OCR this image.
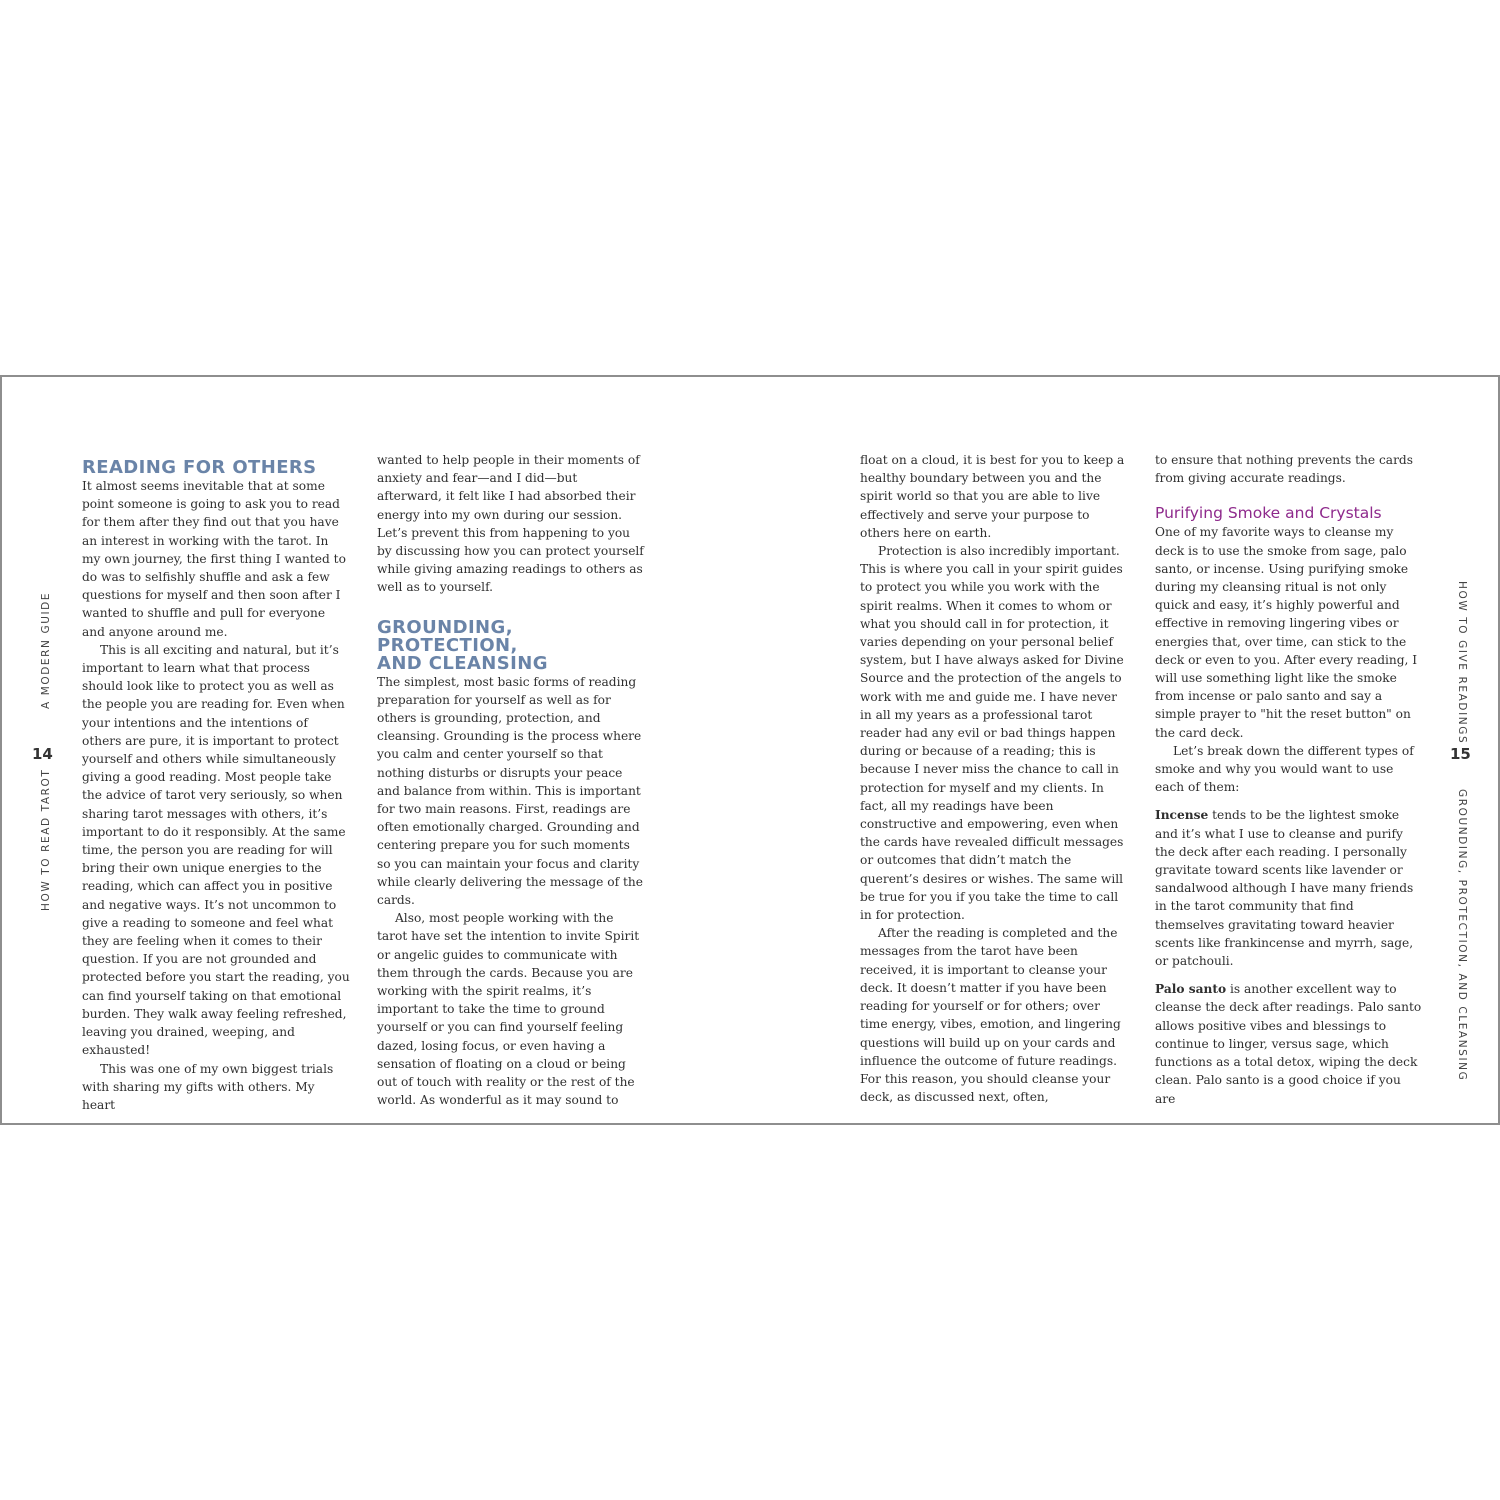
A MODERN GUIDE
14
HOW TO READ TAROT
READING FOR OTHERS

It almost seems inevitable that at some point someone is going to ask you to read for them after they find out that you have an interest in working with the tarot. In my own journey, the first thing I wanted to do was to selfishly shuffle and ask a few questions for myself and then soon after I wanted to shuffle and pull for everyone and anyone around me.

This is all exciting and natural, but it’s important to learn what that process should look like to protect you as well as the people you are reading for. Even when your intentions and the intentions of others are pure, it is important to protect yourself and others while simultaneously giving a good reading. Most people take the advice of tarot very seriously, so when sharing tarot messages with others, it’s important to do it responsibly. At the same time, the person you are reading for will bring their own unique energies to the reading, which can affect you in positive and negative ways. It’s not uncommon to give a reading to someone and feel what they are feeling when it comes to their question. If you are not grounded and protected before you start the reading, you can find yourself taking on that emotional burden. They walk away feeling refreshed, leaving you drained, weeping, and exhausted!

This was one of my own biggest trials with sharing my gifts with others. My heart

wanted to help people in their moments of anxiety and fear—and I did—but afterward, it felt like I had absorbed their energy into my own during our session. Let’s prevent this from happening to you by discussing how you can protect yourself while giving amazing readings to others as well as to yourself.

GROUNDING, PROTECTION,
AND CLEANSING

The simplest, most basic forms of reading preparation for yourself as well as for others is grounding, protection, and cleansing. Grounding is the process where you calm and center yourself so that nothing disturbs or disrupts your peace and balance from within. This is important for two main reasons. First, readings are often emotionally charged. Grounding and centering prepare you for such moments so you can maintain your focus and clarity while clearly delivering the message of the cards.

Also, most people working with the tarot have set the intention to invite Spirit or angelic guides to communicate with them through the cards. Because you are working with the spirit realms, it’s important to take the time to ground yourself or you can find yourself feeling dazed, losing focus, or even having a sensation of floating on a cloud or being out of touch with reality or the rest of the world. As wonderful as it may sound to

float on a cloud, it is best for you to keep a healthy boundary between you and the spirit world so that you are able to live effectively and serve your purpose to others here on earth.

Protection is also incredibly important. This is where you call in your spirit guides to protect you while you work with the spirit realms. When it comes to whom or what you should call in for protection, it varies depending on your personal belief system, but I have always asked for Divine Source and the protection of the angels to work with me and guide me. I have never in all my years as a professional tarot reader had any evil or bad things happen during or because of a reading; this is because I never miss the chance to call in protection for myself and my clients. In fact, all my readings have been constructive and empowering, even when the cards have revealed difficult messages or outcomes that didn’t match the querent’s desires or wishes. The same will be true for you if you take the time to call in for protection.

After the reading is completed and the messages from the tarot have been received, it is important to cleanse your deck. It doesn’t matter if you have been reading for yourself or for others; over time energy, vibes, emotion, and lingering questions will build up on your cards and influence the outcome of future readings. For this reason, you should cleanse your deck, as discussed next, often,

to ensure that nothing prevents the cards from giving accurate readings.

Purifying Smoke and Crystals

One of my favorite ways to cleanse my deck is to use the smoke from sage, palo santo, or incense. Using purifying smoke during my cleansing ritual is not only quick and easy, it’s highly powerful and effective in removing lingering vibes or energies that, over time, can stick to the deck or even to you. After every reading, I will use something light like the smoke from incense or palo santo and say a simple prayer to "hit the reset button" on the card deck.

Let’s break down the different types of smoke and why you would want to use each of them:

Incense tends to be the lightest smoke and it’s what I use to cleanse and purify the deck after each reading. I personally gravitate toward scents like lavender or sandalwood although I have many friends in the tarot community that find themselves gravitating toward heavier scents like frankincense and myrrh, sage, or patchouli.

Palo santo is another excellent way to cleanse the deck after readings. Palo santo allows positive vibes and blessings to continue to linger, versus sage, which functions as a total detox, wiping the deck clean. Palo santo is a good choice if you are

HOW TO GIVE READINGS
15
GROUNDING, PROTECTION, AND CLEANSING
